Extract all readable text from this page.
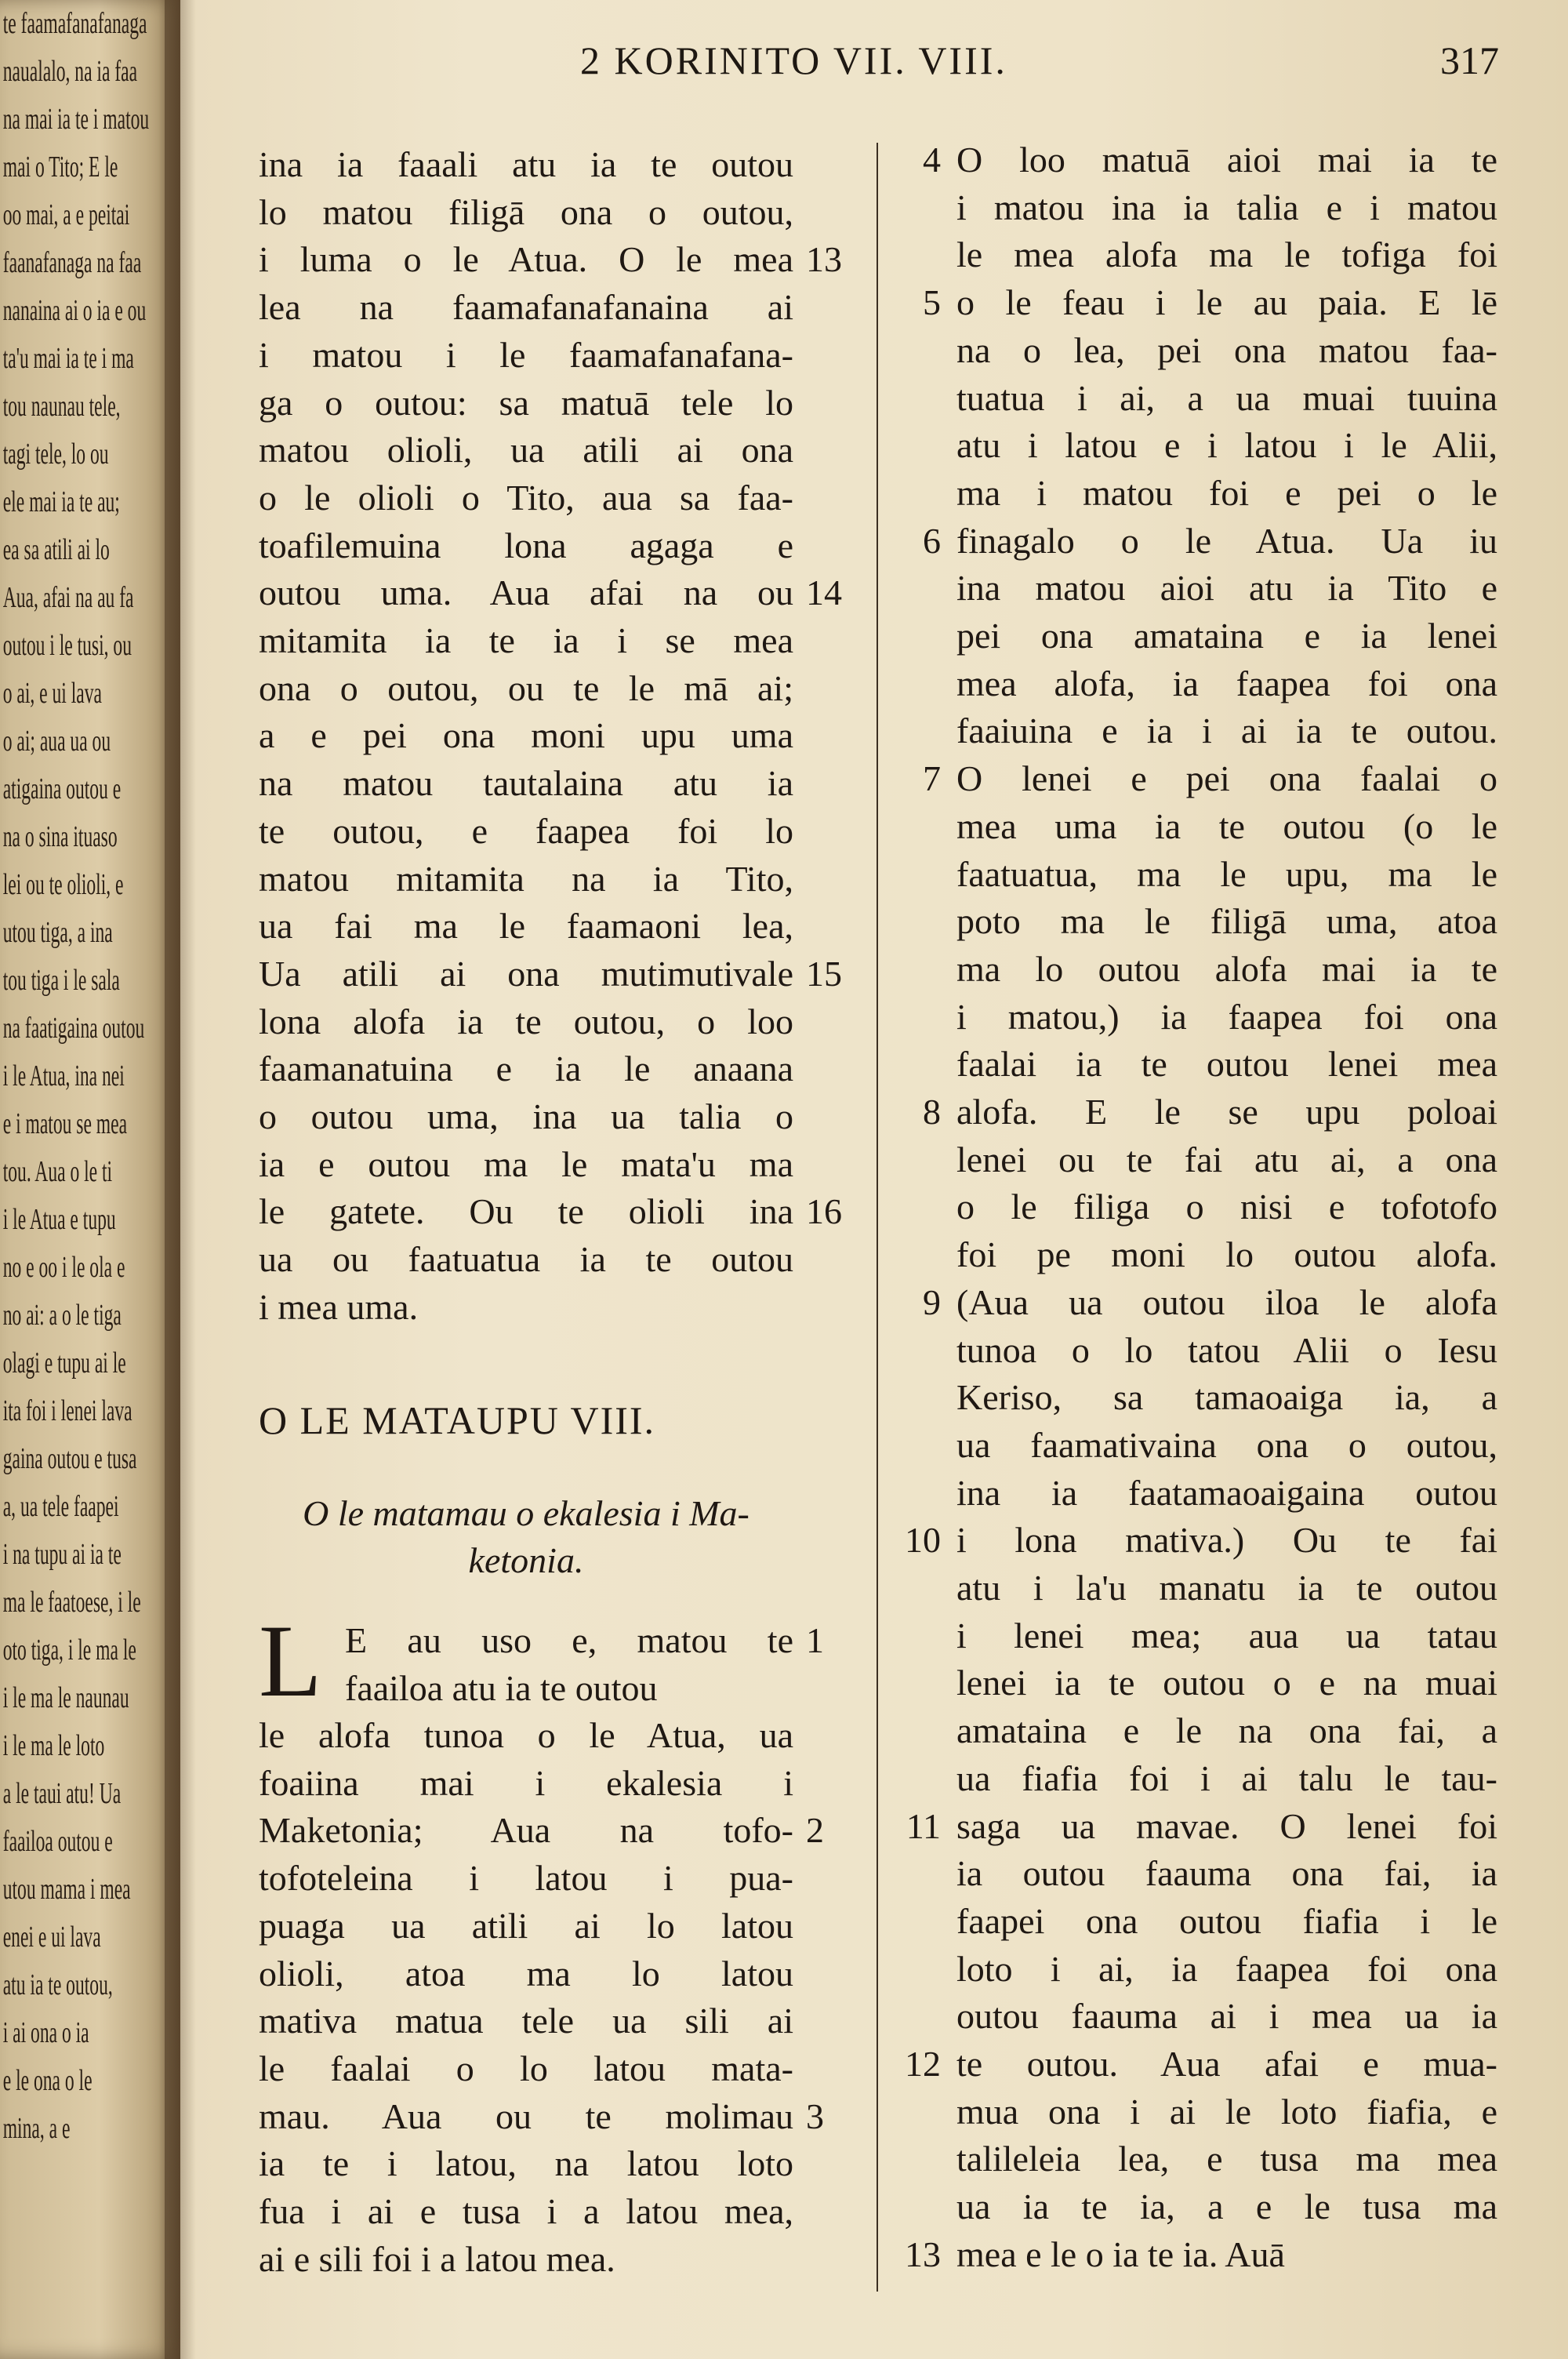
te faamafanafanaga
naualalo, na ia faa
na mai ia te i matou
mai o Tito; E le
oo mai, a e peitai
faanafanaga na faa
nanaina ai o ia e ou
ta'u mai ia te i ma
tou naunau tele,
tagi tele, lo ou
ele mai ia te au;
ea sa atili ai lo
Aua, afai na au fa
outou i le tusi, ou
o ai, e ui lava
o ai; aua ua ou
atigaina outou e
na o sina ituaso
lei ou te olioli, e
utou tiga, a ina
tou tiga i le sala
na faatigaina outou
i le Atua, ina nei
e i matou se mea
tou. Aua o le ti
i le Atua e tupu
no e oo i le ola e
no ai: a o le tiga
olagi e tupu ai le
ita foi i lenei lava
gaina outou e tusa
a, ua tele faapei
i na tupu ai ia te
ma le faatoese, i le
oto tiga, i le ma le
i le ma le naunau
i le ma le loto
a le taui atu! Ua
faailoa outou e
utou mama i mea
enei e ui lava
atu ia te outou,
i ai ona o ia
e le ona o le
mina, a e
2 KORINITO VII. VIII.	317
ina ia faaali atu ia te outou
lo matou filigā ona o outou,
i luma o le Atua. O le mea 13
lea na faamafanafanaina ai
i matou i le faamafanafana-
ga o outou: sa matuā tele lo
matou olioli, ua atili ai ona
o le olioli o Tito, aua sa faa-
toafilemuina lona agaga e
outou uma. Aua afai na ou 14
mitamita ia te ia i se mea
ona o outou, ou te le mā ai;
a e pei ona moni upu uma
na matou tautalaina atu ia
te outou, e faapea foi lo
matou mitamita na ia Tito,
ua fai ma le faamaoni lea,
Ua atili ai ona mutimutivale 15
lona alofa ia te outou, o loo
faamanatuina e ia le anaana
o outou uma, ina ua talia o
ia e outou ma le mata'u ma
le gatete. Ou te olioli ina 16
ua ou faatuatua ia te outou
i mea uma.
O LE MATAUPU VIII.
O le matamau o ekalesia i Ma-
ketonia.
L E au uso e, matou te 1
faailoa atu ia te outou
le alofa tunoa o le Atua, ua
foaiina mai i ekalesia i
Maketonia; Aua na tofo- 2
tofoteleina i latou i pua-
puaga ua atili ai lo latou
olioli, atoa ma lo latou
mativa matua tele ua sili ai
le faalai o lo latou mata-
mau. Aua ou te molimau 3
ia te i latou, na latou loto
fua i ai e tusa i a latou mea,
ai e sili foi i a latou mea.
O loo matuā aioi mai ia te
4
i matou ina ia talia e i matou
le mea alofa ma le tofiga foi
o le feau i le au paia. E lē
5
na o lea, pei ona matou faa-
tuatua i ai, a ua muai tuuina
atu i latou e i latou i le Alii,
ma i matou foi e pei o le
finagalo o le Atua. Ua iu
6
ina matou aioi atu ia Tito e
pei ona amataina e ia lenei
mea alofa, ia faapea foi ona
faaiuina e ia i ai ia te outou.
O lenei e pei ona faalai o
7
mea uma ia te outou (o le
faatuatua, ma le upu, ma le
poto ma le filigā uma, atoa
ma lo outou alofa mai ia te
i matou,) ia faapea foi ona
faalai ia te outou lenei mea
alofa. E le se upu poloai
8
lenei ou te fai atu ai, a ona
o le filiga o nisi e tofotofo
foi pe moni lo outou alofa.
(Aua ua outou iloa le alofa
9
tunoa o lo tatou Alii o Iesu
Keriso, sa tamaoaiga ia, a
ua faamativaina ona o outou,
ina ia faatamaoaigaina outou
i lona mativa.) Ou te fai
10
atu i la'u manatu ia te outou
i lenei mea; aua ua tatau
lenei ia te outou o e na muai
amataina e le na ona fai, a
ua fiafia foi i ai talu le tau-
saga ua mavae. O lenei foi
11
ia outou faauma ona fai, ia
faapei ona outou fiafia i le
loto i ai, ia faapea foi ona
outou faauma ai i mea ua ia
te outou. Aua afai e mua-
12
mua ona i ai le loto fiafia, e
talileleia lea, e tusa ma mea
ua ia te ia, a e le tusa ma
mea e le o ia te ia. Auā
13
